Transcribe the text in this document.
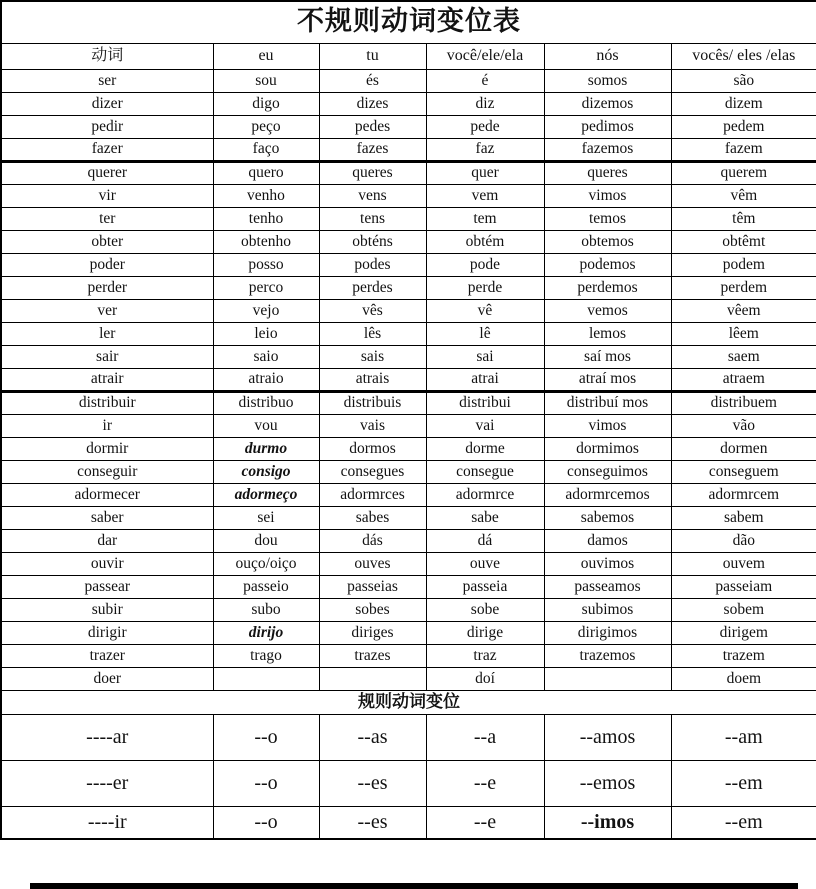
不规则动词变位表					
动词	eu	tu	você/ele/ela	nós	vocês/ eles /elas
ser	sou	és	é	somos	são
dizer	digo	dizes	diz	dizemos	dizem
pedir	peço	pedes	pede	pedimos	pedem
fazer	faço	fazes	faz	fazemos	fazem
querer	quero	queres	quer	queres	querem
vir	venho	vens	vem	vimos	vêm
ter	tenho	tens	tem	temos	têm
obter	obtenho	obténs	obtém	obtemos	obtêmt
poder	posso	podes	pode	podemos	podem
perder	perco	perdes	perde	perdemos	perdem
ver	vejo	vês	vê	vemos	vêem
ler	leio	lês	lê	lemos	lêem
sair	saio	sais	sai	saí mos	saem
atrair	atraio	atrais	atrai	atraí mos	atraem
distribuir	distribuo	distribuis	distribui	distribuí mos	distribuem
ir	vou	vais	vai	vimos	vão
dormir	durmo	dormos	dorme	dormimos	dormen
conseguir	consigo	consegues	consegue	conseguimos	conseguem
adormecer	adormeço	adormrces	adormrce	adormrcemos	adormrcem
saber	sei	sabes	sabe	sabemos	sabem
dar	dou	dás	dá	damos	dão
ouvir	ouço/oiço	ouves	ouve	ouvimos	ouvem
passear	passeio	passeias	passeia	passeamos	passeiam
subir	subo	sobes	sobe	subimos	sobem
dirigir	dirijo	diriges	dirige	dirigimos	dirigem
trazer	trago	trazes	traz	trazemos	trazem
doer			doí		doem
规则动词变位					
----ar	--o	--as	--a	--amos	--am
----er	--o	--es	--e	--emos	--em
----ir	--o	--es	--e	--imos	--em
